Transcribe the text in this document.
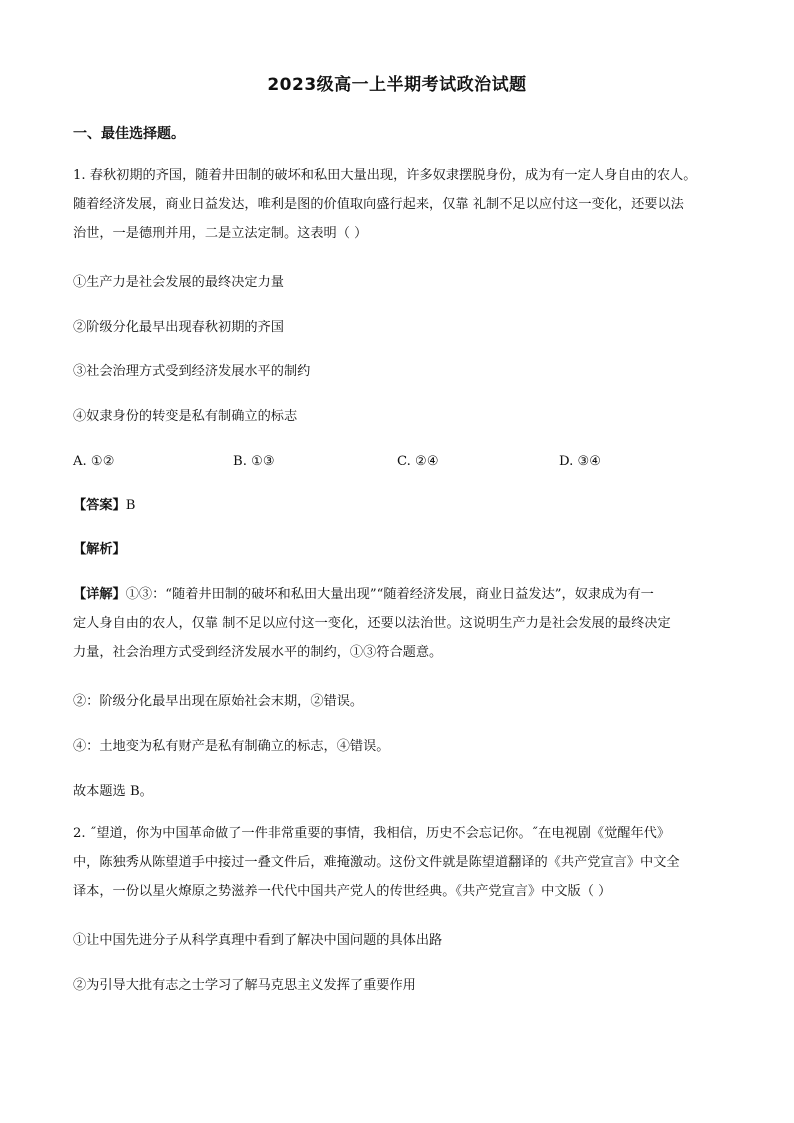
2023级高一上半期考试政治试题
一、最佳选择题。
1. 春秋初期的齐国，随着井田制的破坏和私田大量出现，许多奴隶摆脱身份，成为有一定人身自由的农人。
随着经济发展，商业日益发达，唯利是图的价值取向盛行起来，仅靠 礼制不足以应付这一变化，还要以法
治世，一是德刑并用，二是立法定制。这表明（ ）
①生产力是社会发展的最终决定力量
②阶级分化最早出现春秋初期的齐国
③社会治理方式受到经济发展水平的制约
④奴隶身份的转变是私有制确立的标志
A. ①②	B. ①③	C. ②④	D. ③④
【答案】B
【解析】
【详解】①③：“随着井田制的破坏和私田大量出现”“随着经济发展，商业日益发达”，奴隶成为有一
定人身自由的农人，仅靠 制不足以应付这一变化，还要以法治世。这说明生产力是社会发展的最终决定
力量，社会治理方式受到经济发展水平的制约，①③符合题意。
②：阶级分化最早出现在原始社会末期，②错误。
④：土地变为私有财产是私有制确立的标志，④错误。
故本题选 B。
2. ˝望道，你为中国革命做了一件非常重要的事情，我相信，历史不会忘记你。˝在电视剧《觉醒年代》
中，陈独秀从陈望道手中接过一叠文件后，难掩激动。这份文件就是陈望道翻译的《共产党宣言》中文全
译本，一份以星火燎原之势滋养一代代中国共产党人的传世经典。《共产党宣言》中文版（ ）
①让中国先进分子从科学真理中看到了解决中国问题的具体出路
②为引导大批有志之士学习了解马克思主义发挥了重要作用
